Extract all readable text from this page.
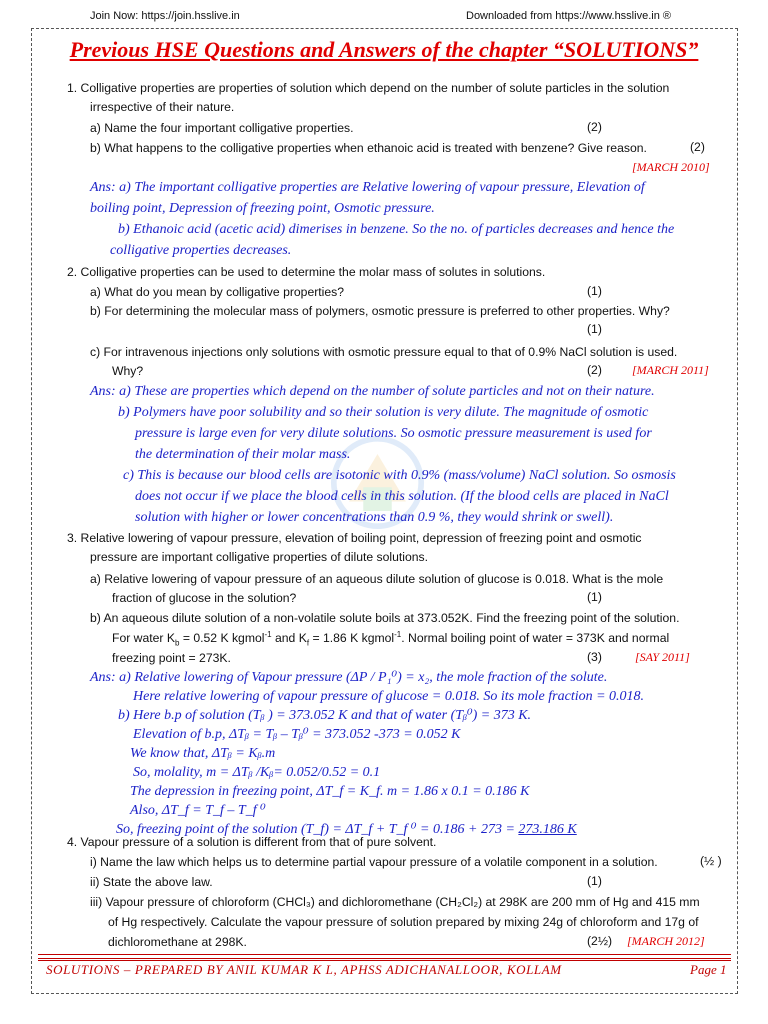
Join Now: https://join.hsslive.in	Downloaded from https://www.hsslive.in ®
Previous HSE Questions and Answers of the chapter “SOLUTIONS”
1. Colligative properties are properties of solution which depend on the number of solute particles in the solution
irrespective of their nature.
a) Name the four important colligative properties.	(2)
b) What happens to the colligative properties when ethanoic acid is treated with benzene? Give reason.	(2)
[MARCH 2010]
Ans: a) The important colligative properties are Relative lowering of vapour pressure, Elevation of
boiling point, Depression of freezing point, Osmotic pressure.
b) Ethanoic acid (acetic acid) dimerises in benzene. So the no. of particles decreases and hence the
colligative properties decreases.
2. Colligative properties can be used to determine the molar mass of solutes in solutions.
a) What do you mean by colligative properties?	(1)
b) For determining the molecular mass of polymers, osmotic pressure is preferred to other properties. Why?
(1)
c) For intravenous injections only solutions with osmotic pressure equal to that of 0.9% NaCl solution is used.
Why?	(2)	[MARCH 2011]
Ans: a) These are properties which depend on the number of solute particles and not on their nature.
b) Polymers have poor solubility and so their solution is very dilute. The magnitude of osmotic
pressure is large even for very dilute solutions. So osmotic pressure measurement is used for
the determination of their molar mass.
c) This is because our blood cells are isotonic with 0.9% (mass/volume) NaCl solution. So osmosis
does not occur if we place the blood cells in this solution. (If the blood cells are placed in NaCl
solution with higher or lower concentrations than 0.9 %, they would shrink or swell).
3. Relative lowering of vapour pressure, elevation of boiling point, depression of freezing point and osmotic
pressure are important colligative properties of dilute solutions.
a) Relative lowering of vapour pressure of an aqueous dilute solution of glucose is 0.018. What is the mole
fraction of glucose in the solution?	(1)
b) An aqueous dilute solution of a non-volatile solute boils at 373.052K. Find the freezing point of the solution.
For water $K_b = 0.52$ K kgmol$^{-1}$ and $K_f = 1.86$ K kgmol$^{-1}$. Normal boiling point of water = 373K and normal
freezing point = 273K.	(3)	[SAY 2011]
Ans: a) Relative lowering of Vapour pressure (ΔP / P₁⁰) = x₂, the mole fraction of the solute.
Here relative lowering of vapour pressure of glucose = 0.018. So its mole fraction = 0.018.
b) Here b.p of solution (Tᵦ ) = 373.052 K and that of water (Tᵦ⁰) = 373 K.
Elevation of b.p, ΔTᵦ = Tᵦ – Tᵦ⁰ = 373.052 -373 = 0.052 K
We know that, ΔTᵦ = Kᵦ.m
So, molality, m = ΔTᵦ /Kᵦ= 0.052/0.52 = 0.1
The depression in freezing point, ΔT_f = K_f. m = 1.86 x 0.1 = 0.186 K
Also, ΔT_f = T_f – T_f ⁰
So, freezing point of the solution (T_f) = ΔT_f + T_f ⁰ = 0.186 + 273 = 273.186 K
4. Vapour pressure of a solution is different from that of pure solvent.
i) Name the law which helps us to determine partial vapour pressure of a volatile component in a solution.	(½ )
ii) State the above law.	(1)
iii) Vapour pressure of chloroform (CHCl₃) and dichloromethane (CH₂Cl₂) at 298K are 200 mm of Hg and 415 mm
of Hg respectively. Calculate the vapour pressure of solution prepared by mixing 24g of chloroform and 17g of
dichloromethane at 298K.	(2½) [MARCH 2012]
SOLUTIONS – PREPARED BY ANIL KUMAR K L, APHSS ADICHANALLOOR, KOLLAM	Page 1
